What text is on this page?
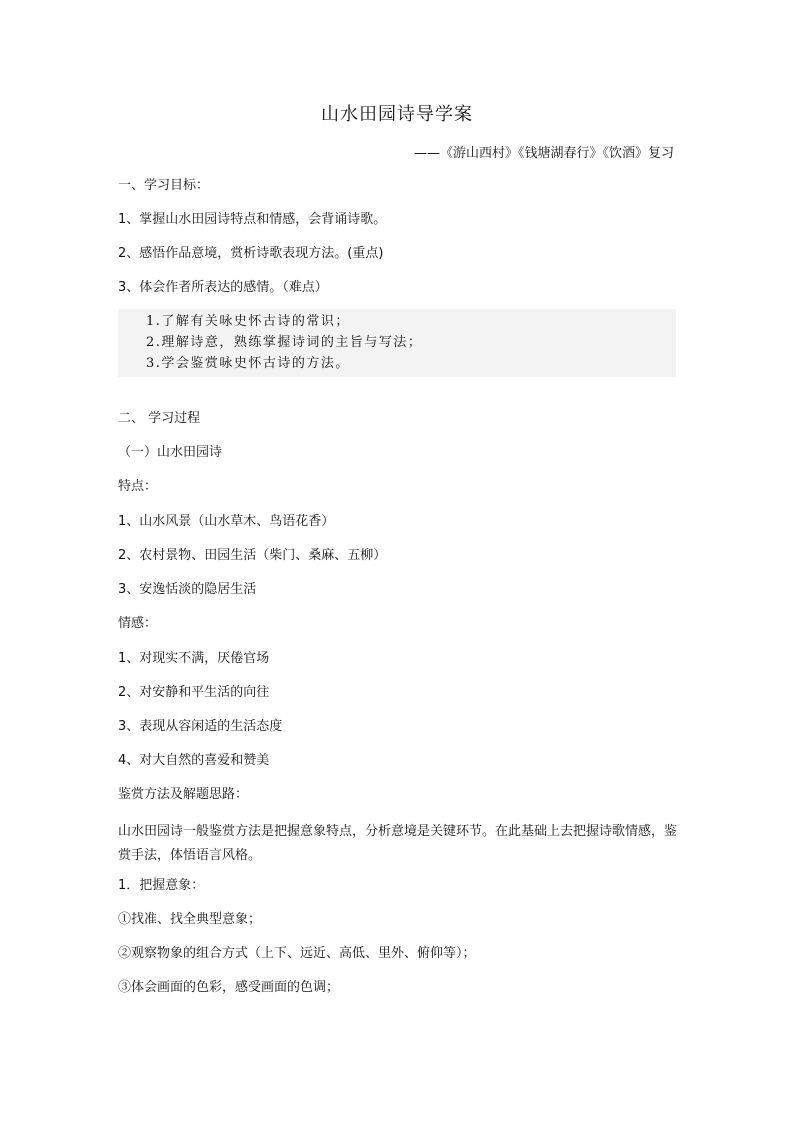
山水田园诗导学案
——《游山西村》《钱塘湖春行》《饮酒》复习
一、学习目标：
1、掌握山水田园诗特点和情感，会背诵诗歌。
2、感悟作品意境，赏析诗歌表现方法。(重点)
3、体会作者所表达的感情。（难点）
1.了解有关咏史怀古诗的常识；
2.理解诗意，熟练掌握诗词的主旨与写法；
3.学会鉴赏咏史怀古诗的方法。
二、 学习过程
（一）山水田园诗
特点：
1、山水风景（山水草木、鸟语花香）
2、农村景物、田园生活（柴门、桑麻、五柳）
3、安逸恬淡的隐居生活
情感：
1、对现实不满，厌倦官场
2、对安静和平生活的向往
3、表现从容闲适的生活态度
4、对大自然的喜爱和赞美
鉴赏方法及解题思路：
山水田园诗一般鉴赏方法是把握意象特点，分析意境是关键环节。在此基础上去把握诗歌情感，鉴赏手法，体悟语言风格。
1．把握意象：
①找准、找全典型意象；
②观察物象的组合方式（上下、远近、高低、里外、俯仰等）；
③体会画面的色彩，感受画面的色调；
